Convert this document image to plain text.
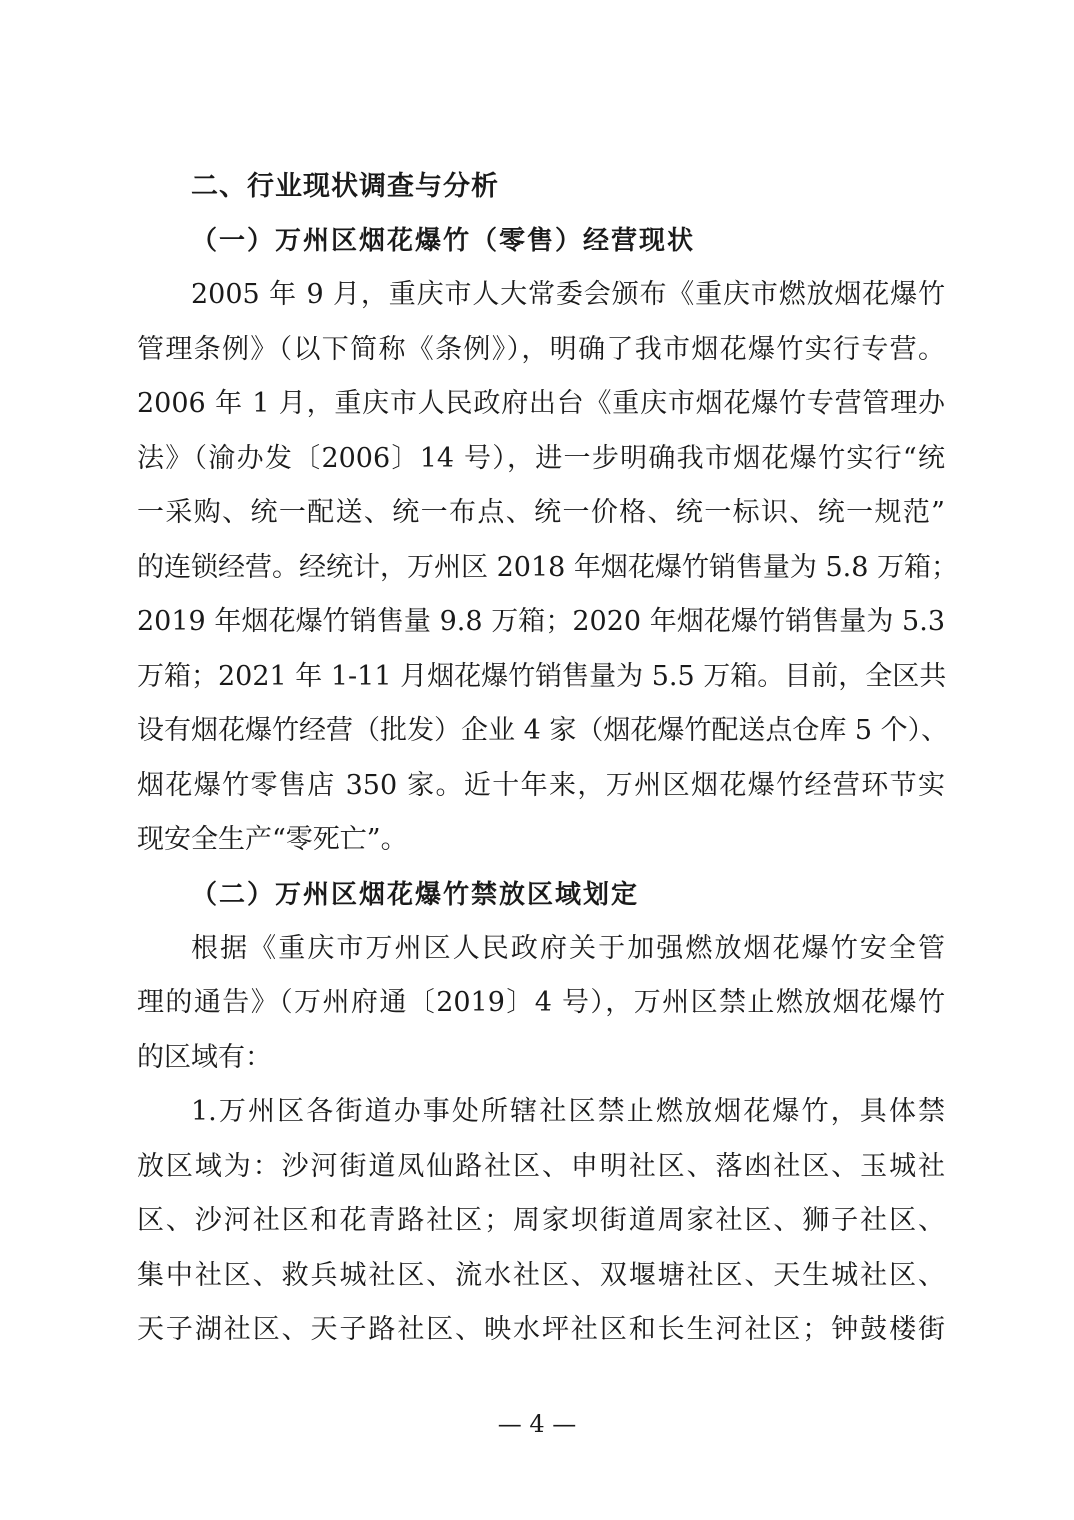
二、行业现状调查与分析
（一）万州区烟花爆竹（零售）经营现状
2005 年 9 月，重庆市人大常委会颁布《重庆市燃放烟花爆竹
管理条例》（以下简称《条例》），明确了我市烟花爆竹实行专营。
2006 年 1 月，重庆市人民政府出台《重庆市烟花爆竹专营管理办
法》（渝办发〔2006〕14 号），进一步明确我市烟花爆竹实行“统
一采购、统一配送、统一布点、统一价格、统一标识、统一规范”
的连锁经营。经统计，万州区 2018 年烟花爆竹销售量为 5.8 万箱；
2019 年烟花爆竹销售量 9.8 万箱；2020 年烟花爆竹销售量为 5.3
万箱；2021 年 1-11 月烟花爆竹销售量为 5.5 万箱。目前，全区共
设有烟花爆竹经营（批发）企业 4 家（烟花爆竹配送点仓库 5 个）、
烟花爆竹零售店 350 家。近十年来，万州区烟花爆竹经营环节实
现安全生产“零死亡”。
（二）万州区烟花爆竹禁放区域划定
根据《重庆市万州区人民政府关于加强燃放烟花爆竹安全管
理的通告》（万州府通〔2019〕4 号），万州区禁止燃放烟花爆竹
的区域有：
1.万州区各街道办事处所辖社区禁止燃放烟花爆竹，具体禁
放区域为：沙河街道凤仙路社区、申明社区、落凼社区、玉城社
区、沙河社区和花青路社区；周家坝街道周家社区、狮子社区、
集中社区、救兵城社区、流水社区、双堰塘社区、天生城社区、
天子湖社区、天子路社区、映水坪社区和长生河社区；钟鼓楼街
— 4 —
